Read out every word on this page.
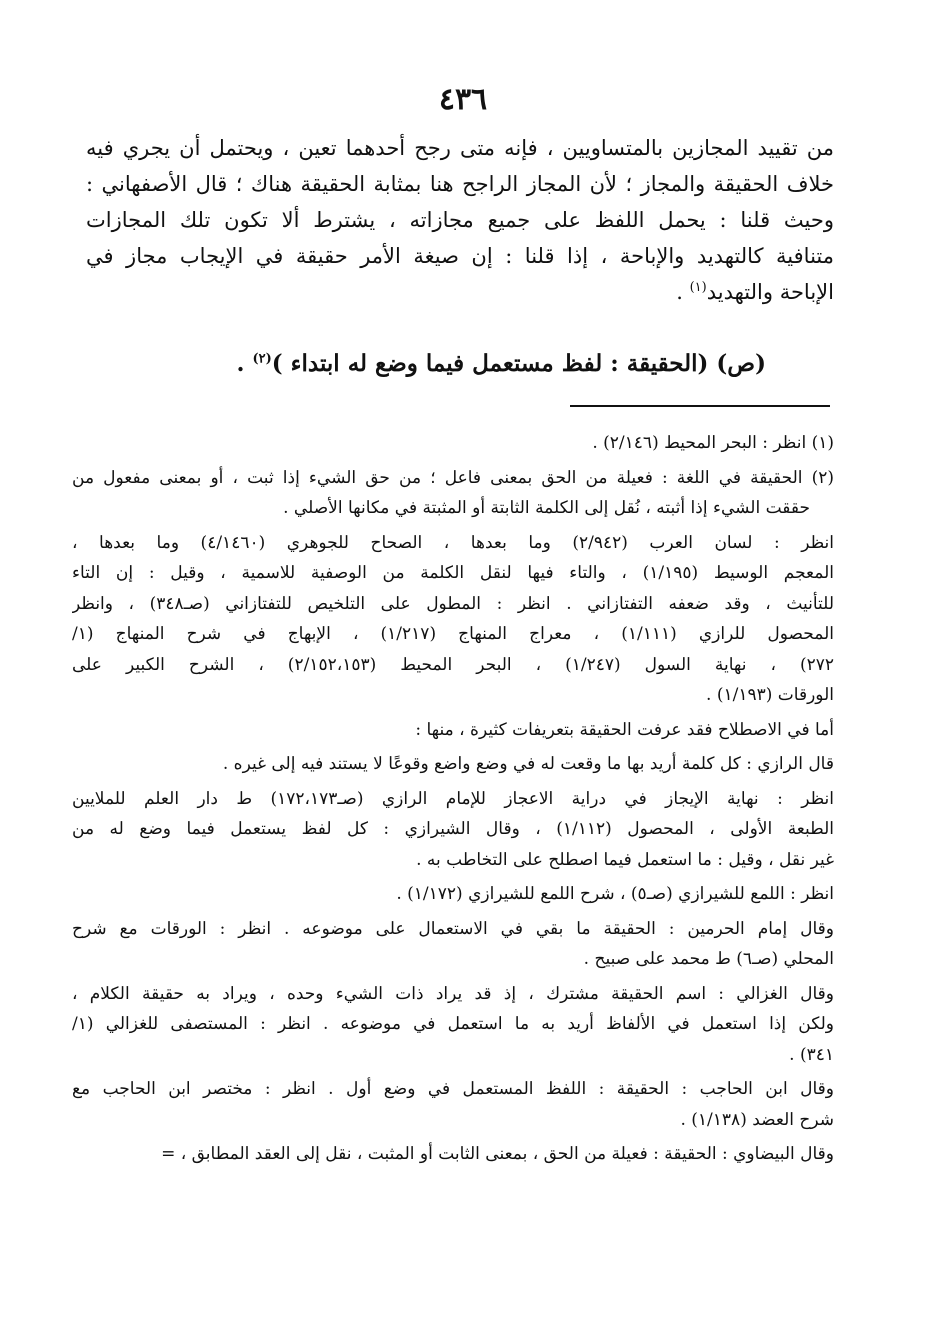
٤٣٦
من تقييد المجازين بالمتساويين ، فإنه متى رجح أحدهما تعين ، ويحتمل أن يجري فيه
خلاف الحقيقة والمجاز ؛ لأن المجاز الراجح هنا بمثابة الحقيقة هناك ؛ قال الأصفهاني :
وحيث قلنا : يحمل اللفظ على جميع مجازاته ، يشترط ألا تكون تلك المجازات
متنافية كالتهديد والإباحة ، إذا قلنا : إن صيغة الأمر حقيقة في الإيجاب مجاز في
الإباحة والتهديد$^{(١)}$ .
(ص) (الحقيقة : لفظ مستعمل فيما وضع له ابتداء )$^{(٢)}$ .
(١) انظر : البحر المحيط (٢/١٤٦) .
(٢) الحقيقة في اللغة : فعيلة من الحق بمعنى فاعل ؛ من حق الشيء إذا ثبت ، أو بمعنى مفعول من
حققت الشيء إذا أثبته ، نُقل إلى الكلمة الثابتة أو المثبتة في مكانها الأصلي .
انظر : لسان العرب (٢/٩٤٢) وما بعدها ، الصحاح للجوهري (٤/١٤٦٠) وما بعدها ،
المعجم الوسيط (١/١٩٥) ، والتاء فيها لنقل الكلمة من الوصفية للاسمية ، وقيل : إن التاء
للتأنيث ، وقد ضعفه التفتازاني . انظر : المطول على التلخيص للتفتازاني (صـ٣٤٨) ، وانظر
المحصول للرازي (١/١١١) ، معراج المنهاج (١/٢١٧) ، الإبهاج في شرح المنهاج (١/
٢٧٢) ، نهاية السول (١/٢٤٧) ، البحر المحيط (٢/١٥٢،١٥٣) ، الشرح الكبير على
الورقات (١/١٩٣) .
أما في الاصطلاح فقد عرفت الحقيقة بتعريفات كثيرة ، منها :
قال الرازي : كل كلمة أريد بها ما وقعت له في وضع واضع وقوعًا لا يستند فيه إلى غيره .
انظر : نهاية الإيجاز في دراية الاعجاز للإمام الرازي (صـ١٧٢،١٧٣) ط دار العلم للملايين
الطبعة الأولى ، المحصول (١/١١٢) ، وقال الشيرازي : كل لفظ يستعمل فيما وضع له من
غير نقل ، وقيل : ما استعمل فيما اصطلح على التخاطب به .
انظر : اللمع للشيرازي (صـ٥) ، شرح اللمع للشيرازي (١/١٧٢) .
وقال إمام الحرمين : الحقيقة ما بقي في الاستعمال على موضوعه . انظر : الورقات مع شرح
المحلي (صـ٦) ط محمد على صبيح .
وقال الغزالي : اسم الحقيقة مشترك ، إذ قد يراد ذات الشيء وحده ، ويراد به حقيقة الكلام ،
ولكن إذا استعمل في الألفاظ أريد به ما استعمل في موضوعه . انظر : المستصفى للغزالي (١/
٣٤١) .
وقال ابن الحاجب : الحقيقة : اللفظ المستعمل في وضع أول . انظر : مختصر ابن الحاجب مع
شرح العضد (١/١٣٨) .
وقال البيضاوي : الحقيقة : فعيلة من الحق ، بمعنى الثابت أو المثبت ، نقل إلى العقد المطابق ، =
